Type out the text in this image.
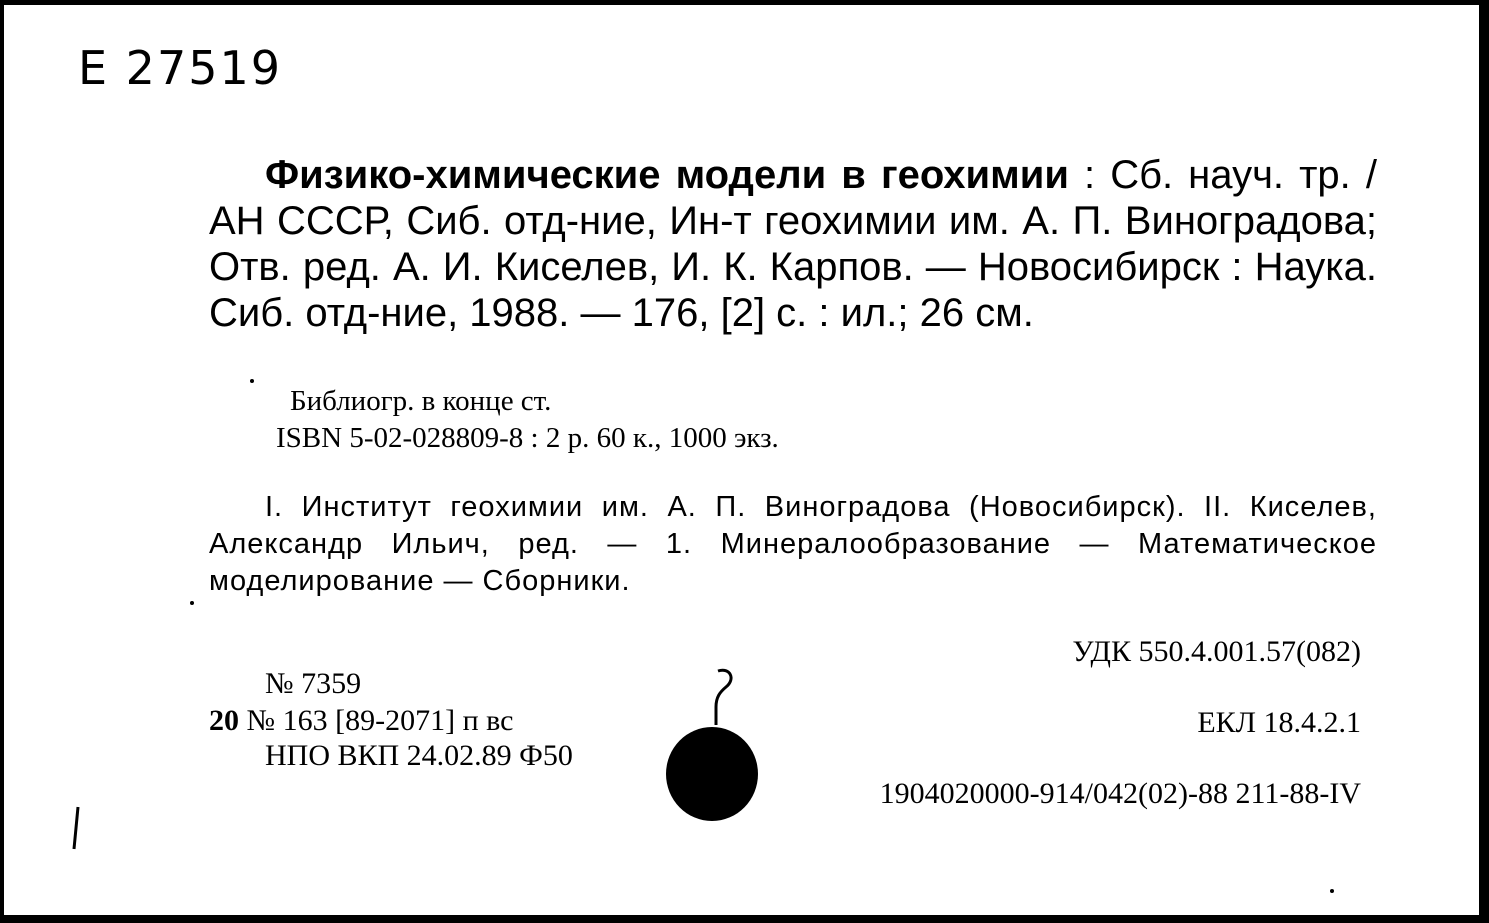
Е 27519

Физико-химические модели в геохимии : Сб. науч. тр. / АН СССР, Сиб. отд-ние, Ин-т геохимии им. А. П. Виноградова; Отв. ред. А. И. Киселев, И. К. Карпов. — Новосибирск : Наука. Сиб. отд-ние, 1988. — 176, [2] с. : ил.; 26 см.

Библиогр. в конце ст.

ISBN 5-02-028809-8 : 2 р. 60 к., 1000 экз.

I. Институт геохимии им. А. П. Виноградова (Новосибирск). II. Киселев, Александр Ильич, ред. — 1. Минералообразование — Математическое моделирование — Сборники.

УДК 550.4.001.57(082)
ЕКЛ 18.4.2.1
1904020000-914/042(02)-88 211-88-IV
№ 7359
20 № 163 [89-2071] п вс
НПО ВКП 24.02.89 Ф50
